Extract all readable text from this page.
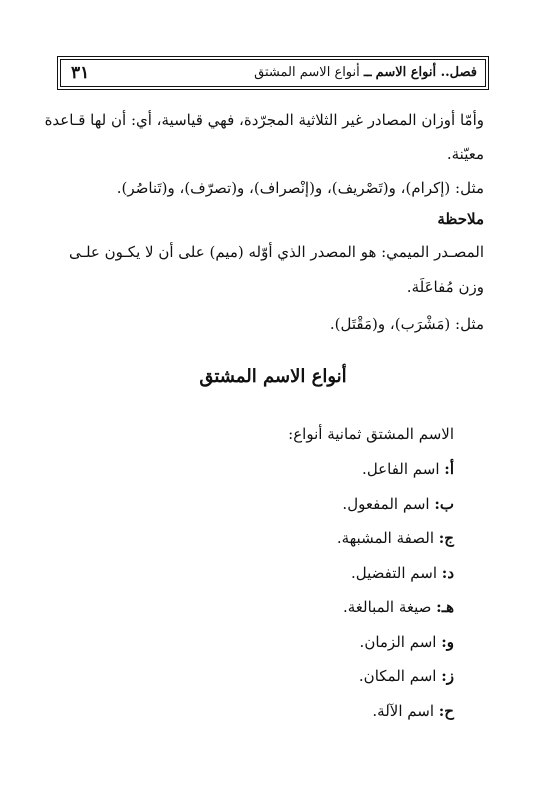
فصل.. أنواع الاسم ــ أنواع الاسم المشتق
٣١
وأمّا أوزان المصادر غير الثلاثية المجرّدة، فهي قياسية، أي: أن لها قـاعدة
معيّنة.
مثل: (إكرام)، و(تَصْريف)، و(إنْصراف)، و(تصرّف)، و(تَناصُر).
ملاحظة
المصـدر الميمي: هو المصدر الذي أوّله (ميم) على أن لا يكـون علـى
وزن مُفاعَلَة.
مثل: (مَشْرَب)، و(مَقْتَل).
أنواع الاسم المشتق
الاسم المشتق ثمانية أنواع:
أ: اسم الفاعل.
ب: اسم المفعول.
ج: الصفة المشبهة.
د: اسم التفضيل.
هـ: صيغة المبالغة.
و: اسم الزمان.
ز: اسم المكان.
ح: اسم الآلة.
